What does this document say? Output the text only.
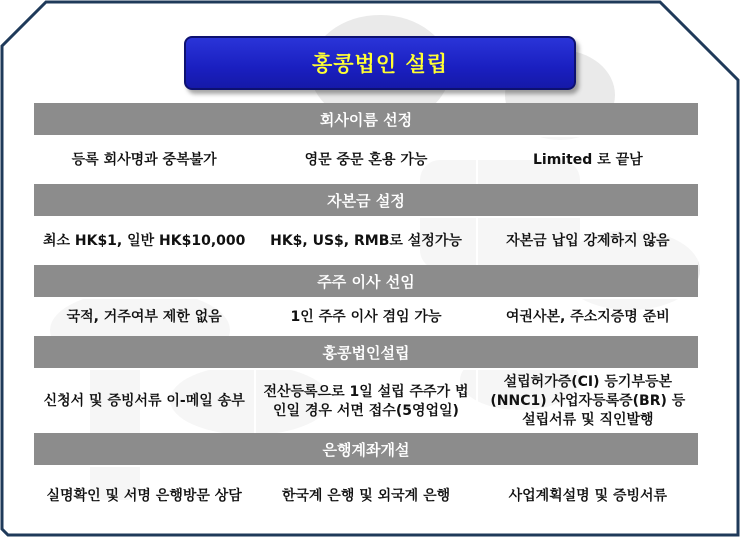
홍콩법인 설립
회사이름 선정		
등록 회사명과 중복불가	영문 중문 혼용 가능	Limited 로 끝남
자본금 설정		
최소 HK$1, 일반 HK$10,000	HK$, US$, RMB로 설정가능	자본금 납입 강제하지 않음
주주 이사 선임		
국적, 거주여부 제한 없음	1인 주주 이사 겸임 가능	여권사본, 주소지증명 준비
홍콩법인설립		
신청서 및 증빙서류 이-메일 송부	전산등록으로 1일 설립 주주가 법인일 경우 서면 접수(5영업일)	설립허가증(CI) 등기부등본(NNC1) 사업자등록증(BR) 등 설립서류 및 직인발행
은행계좌개설		
실명확인 및 서명 은행방문 상담	한국계 은행 및 외국계 은행	사업계획설명 및 증빙서류
